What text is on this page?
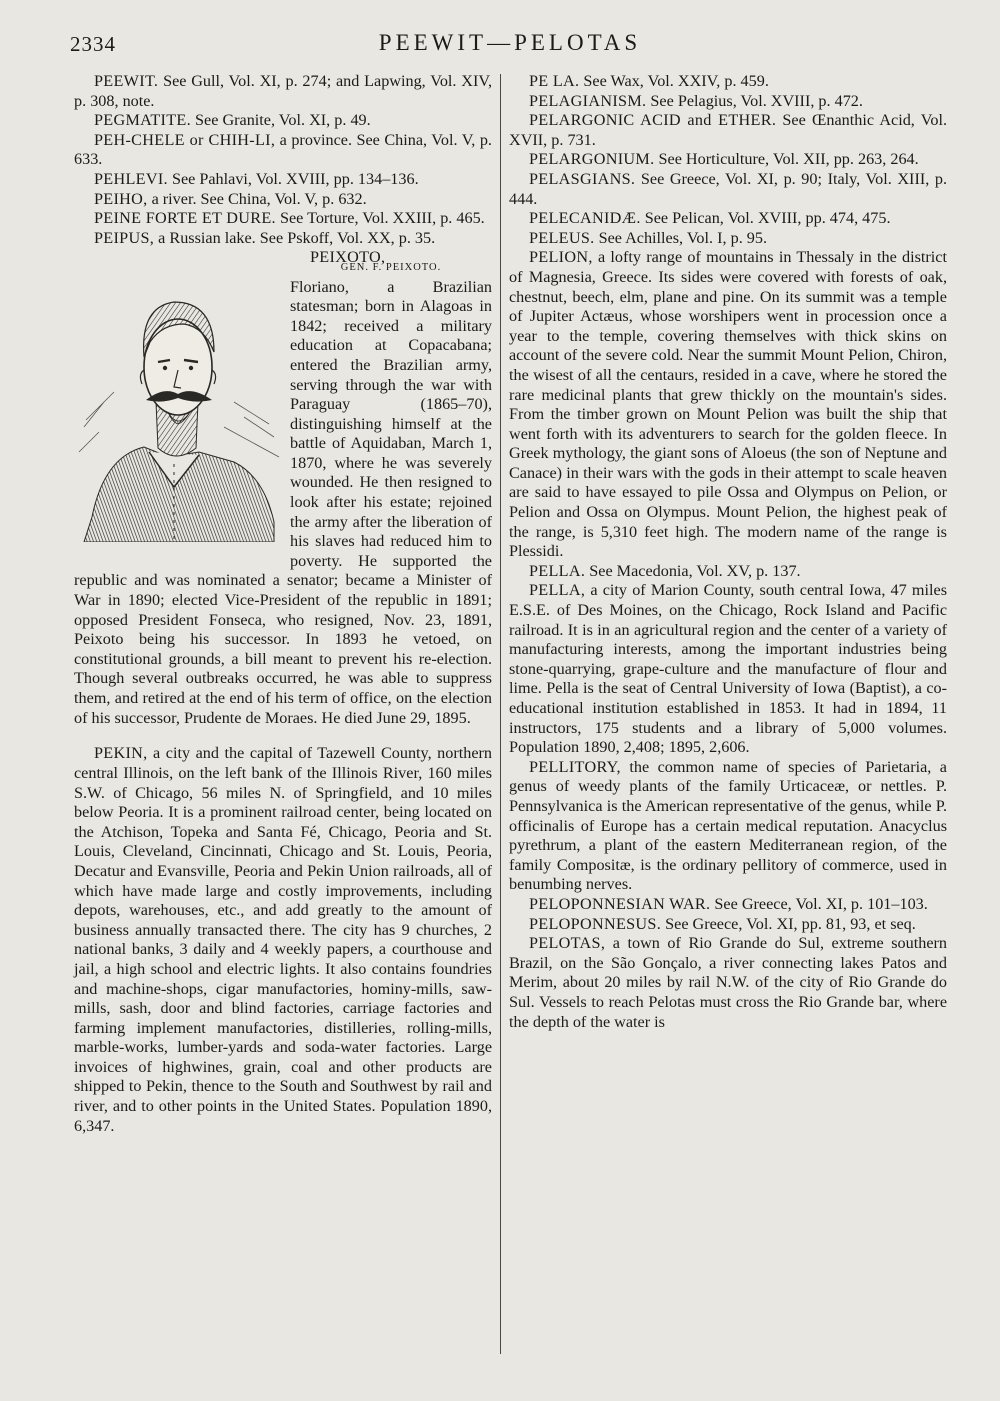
2334	PEEWIT—PELOTAS

PEEWIT. See Gull, Vol. XI, p. 274; and Lapwing, Vol. XIV, p. 308, note.

PEGMATITE. See Granite, Vol. XI, p. 49.

PEH-CHELE or CHIH-LI, a province. See China, Vol. V, p. 633.

PEHLEVI. See Pahlavi, Vol. XVIII, pp. 134–136.

PEIHO, a river. See China, Vol. V, p. 632.

PEINE FORTE ET DURE. See Torture, Vol. XXIII, p. 465.

PEIPUS, a Russian lake. See Pskoff, Vol. XX, p. 35.

PEIXOTO,

GEN. F. PEIXOTO.
Floriano, a Brazilian statesman; born in Alagoas in 1842; received a military education at Copacabana; entered the Brazilian army, serving through the war with Paraguay (1865–70), distinguishing himself at the battle of Aquidaban, March 1, 1870, where he was severely wounded. He then resigned to look after his estate; rejoined the army after the liberation of his slaves had reduced him to poverty. He supported the republic and was nominated a senator; became a Minister of War in 1890; elected Vice-President of the republic in 1891; opposed President Fonseca, who resigned, Nov. 23, 1891, Peixoto being his successor. In 1893 he vetoed, on constitutional grounds, a bill meant to prevent his re-election. Though several outbreaks occurred, he was able to suppress them, and retired at the end of his term of office, on the election of his successor, Prudente de Moraes. He died June 29, 1895.

PEKIN, a city and the capital of Tazewell County, northern central Illinois, on the left bank of the Illinois River, 160 miles S.W. of Chicago, 56 miles N. of Springfield, and 10 miles below Peoria. It is a prominent railroad center, being located on the Atchison, Topeka and Santa Fé, Chicago, Peoria and St. Louis, Cleveland, Cincinnati, Chicago and St. Louis, Peoria, Decatur and Evansville, Peoria and Pekin Union railroads, all of which have made large and costly improvements, including depots, warehouses, etc., and add greatly to the amount of business annually transacted there. The city has 9 churches, 2 national banks, 3 daily and 4 weekly papers, a courthouse and jail, a high school and electric lights. It also contains foundries and machine-shops, cigar manufactories, hominy-mills, saw-mills, sash, door and blind factories, carriage factories and farming implement manufactories, distilleries, rolling-mills, marble-works, lumber-yards and soda-water factories. Large invoices of highwines, grain, coal and other products are shipped to Pekin, thence to the South and Southwest by rail and river, and to other points in the United States. Population 1890, 6,347.

PE LA. See Wax, Vol. XXIV, p. 459.

PELAGIANISM. See Pelagius, Vol. XVIII, p. 472.

PELARGONIC ACID and ETHER. See Œnanthic Acid, Vol. XVII, p. 731.

PELARGONIUM. See Horticulture, Vol. XII, pp. 263, 264.

PELASGIANS. See Greece, Vol. XI, p. 90; Italy, Vol. XIII, p. 444.

PELECANIDÆ. See Pelican, Vol. XVIII, pp. 474, 475.

PELEUS. See Achilles, Vol. I, p. 95.

PELION, a lofty range of mountains in Thessaly in the district of Magnesia, Greece. Its sides were covered with forests of oak, chestnut, beech, elm, plane and pine. On its summit was a temple of Jupiter Actæus, whose worshipers went in procession once a year to the temple, covering themselves with thick skins on account of the severe cold. Near the summit Mount Pelion, Chiron, the wisest of all the centaurs, resided in a cave, where he stored the rare medicinal plants that grew thickly on the mountain's sides. From the timber grown on Mount Pelion was built the ship that went forth with its adventurers to search for the golden fleece. In Greek mythology, the giant sons of Aloeus (the son of Neptune and Canace) in their wars with the gods in their attempt to scale heaven are said to have essayed to pile Ossa and Olympus on Pelion, or Pelion and Ossa on Olympus. Mount Pelion, the highest peak of the range, is 5,310 feet high. The modern name of the range is Plessidi.

PELLA. See Macedonia, Vol. XV, p. 137.

PELLA, a city of Marion County, south central Iowa, 47 miles E.S.E. of Des Moines, on the Chicago, Rock Island and Pacific railroad. It is in an agricultural region and the center of a variety of manufacturing interests, among the important industries being stone-quarrying, grape-culture and the manufacture of flour and lime. Pella is the seat of Central University of Iowa (Baptist), a co-educational institution established in 1853. It had in 1894, 11 instructors, 175 students and a library of 5,000 volumes. Population 1890, 2,408; 1895, 2,606.

PELLITORY, the common name of species of Parietaria, a genus of weedy plants of the family Urticaceæ, or nettles. P. Pennsylvanica is the American representative of the genus, while P. officinalis of Europe has a certain medical reputation. Anacyclus pyrethrum, a plant of the eastern Mediterranean region, of the family Compositæ, is the ordinary pellitory of commerce, used in benumbing nerves.

PELOPONNESIAN WAR. See Greece, Vol. XI, p. 101–103.

PELOPONNESUS. See Greece, Vol. XI, pp. 81, 93, et seq.

PELOTAS, a town of Rio Grande do Sul, extreme southern Brazil, on the São Gonçalo, a river connecting lakes Patos and Merim, about 20 miles by rail N.W. of the city of Rio Grande do Sul. Vessels to reach Pelotas must cross the Rio Grande bar, where the depth of the water is
